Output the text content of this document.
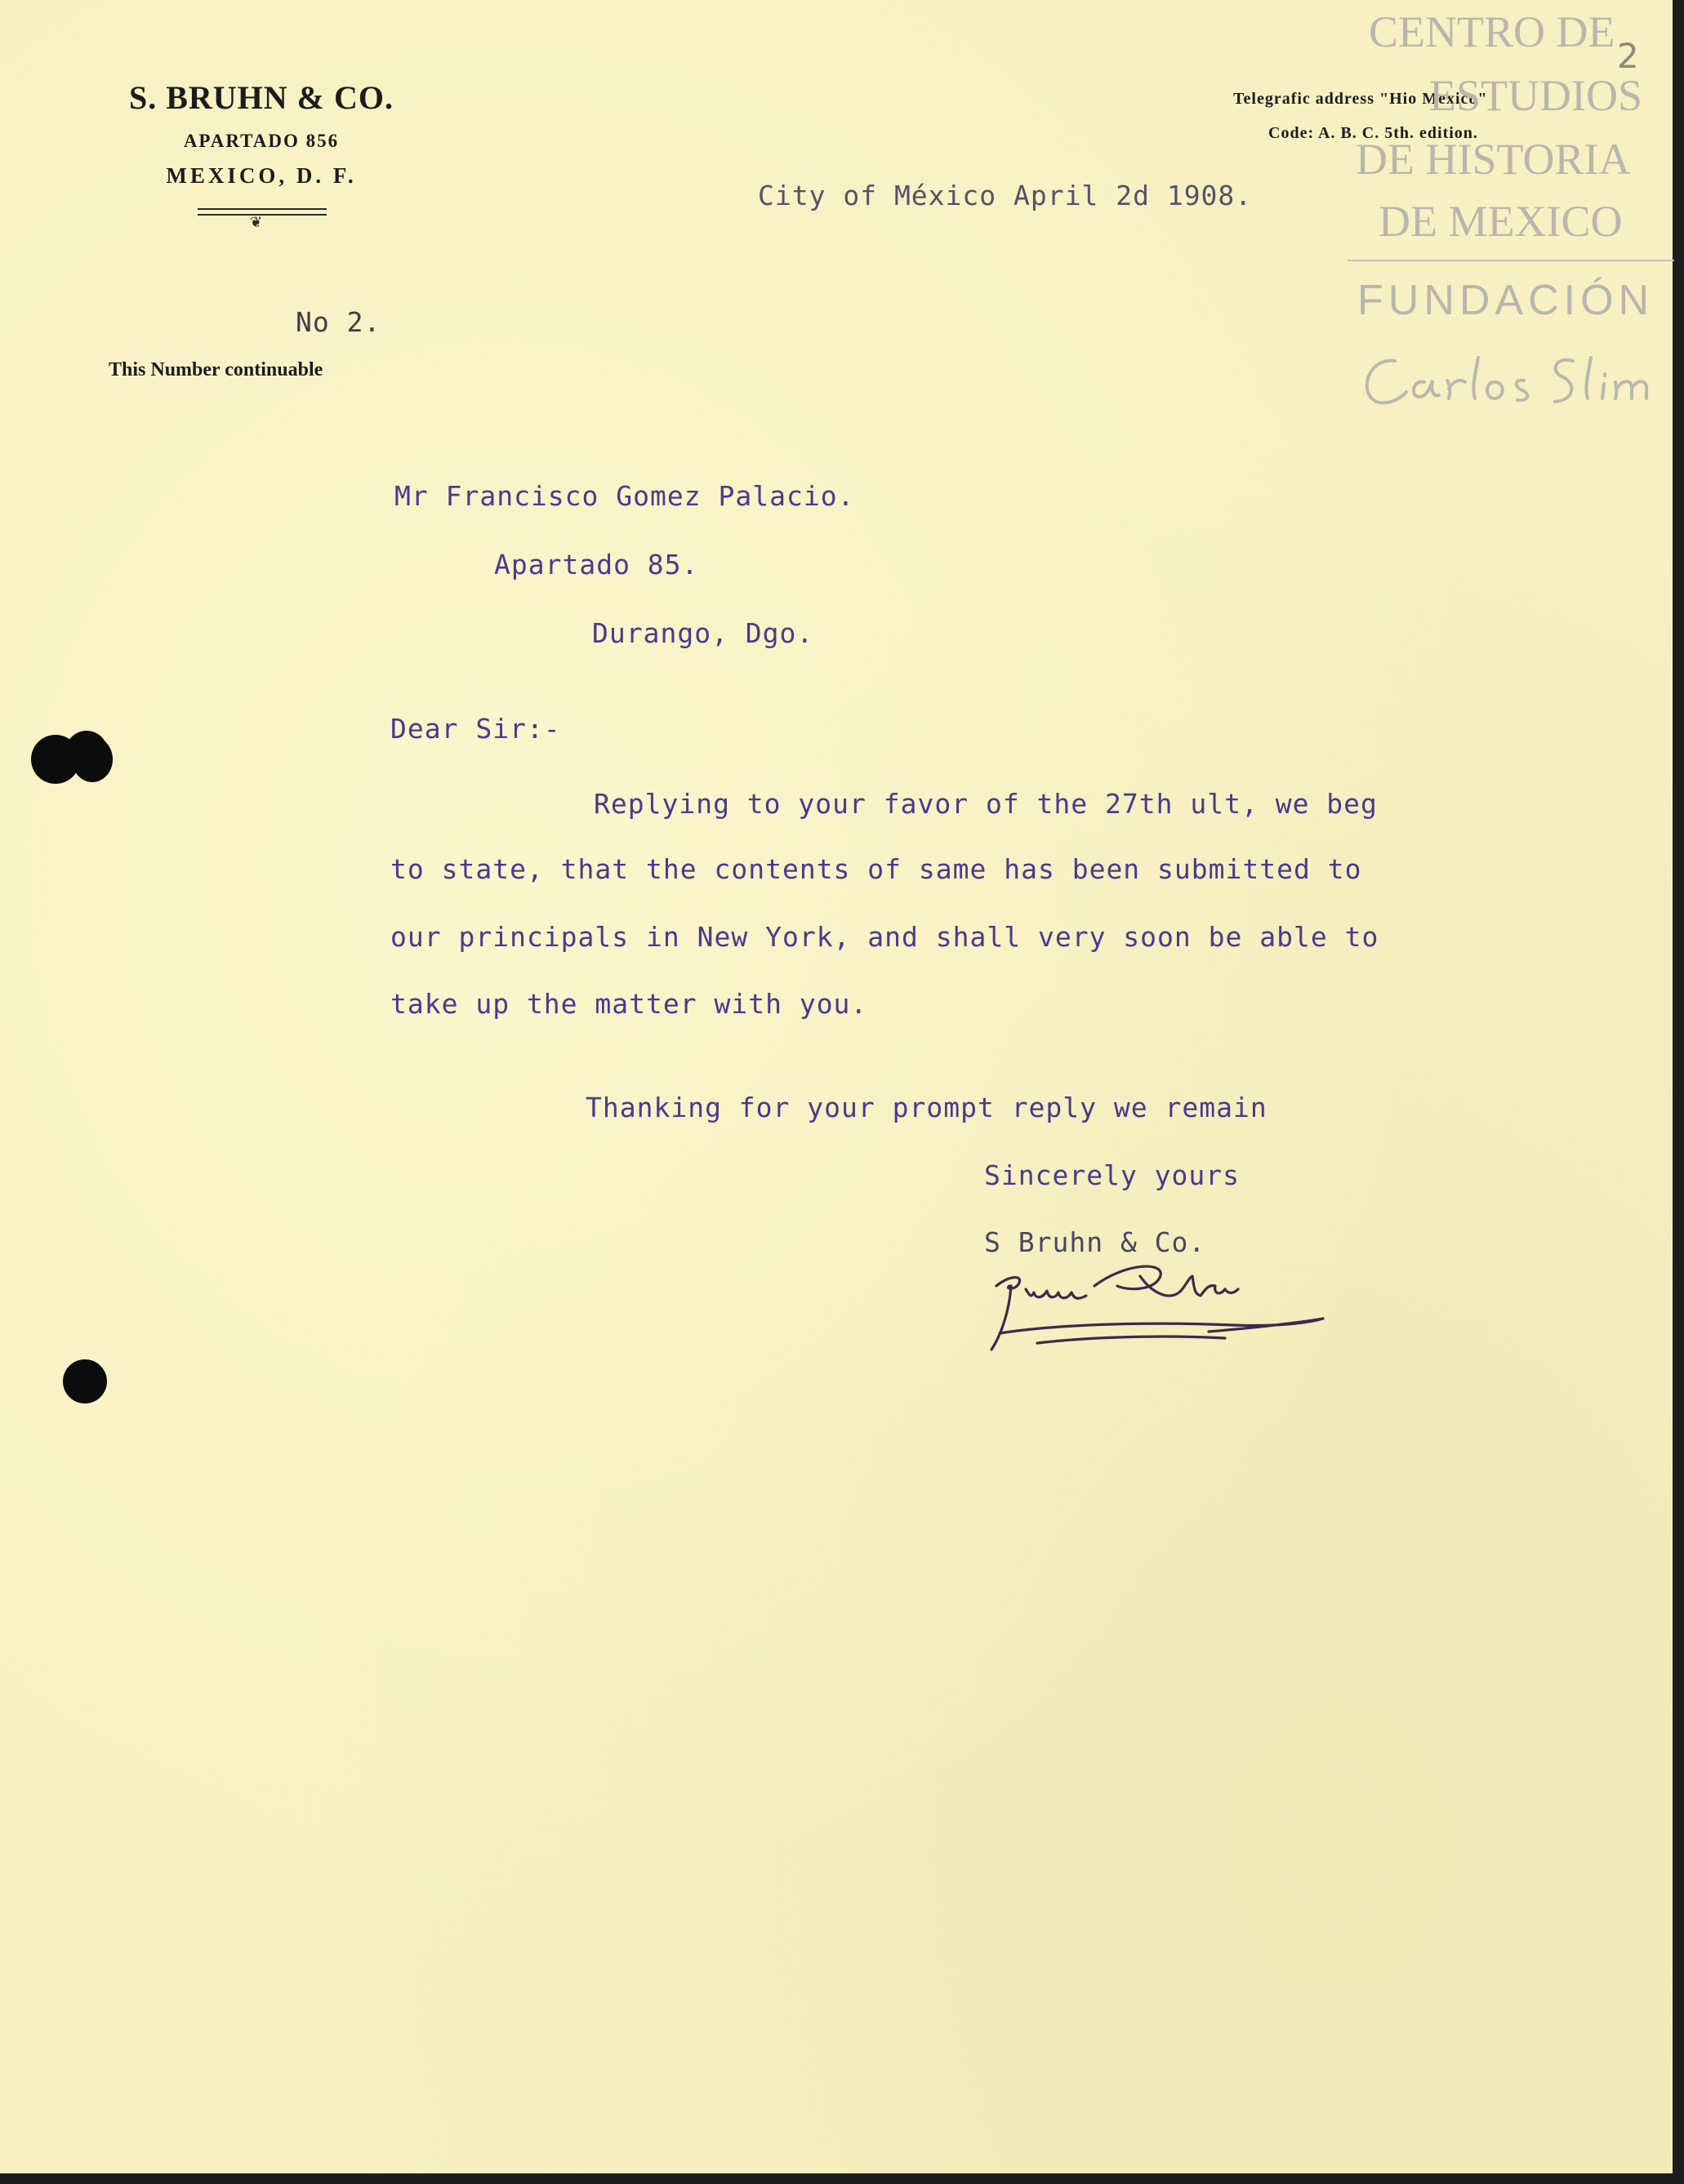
S. BRUHN & CO.
APARTADO 856
MEXICO, D. F.
❦
Telegrafic address "Hio Mexico"
Code: A. B. C. 5th. edition.
CENTRO DE
ESTUDIOS
DE HISTORIA
DE MEXICO
FUNDACIÓN
2
City of México April 2d 1908.
No 2.
This Number continuable
Mr Francisco Gomez Palacio.
Apartado 85.
Durango, Dgo.
Dear Sir:-
Replying to your favor of the 27th ult, we beg
to state, that the contents of same has been submitted to
our principals in New York, and shall very soon be able to
take up the matter with you.
Thanking for your prompt reply we remain
Sincerely yours
S Bruhn & Co.
